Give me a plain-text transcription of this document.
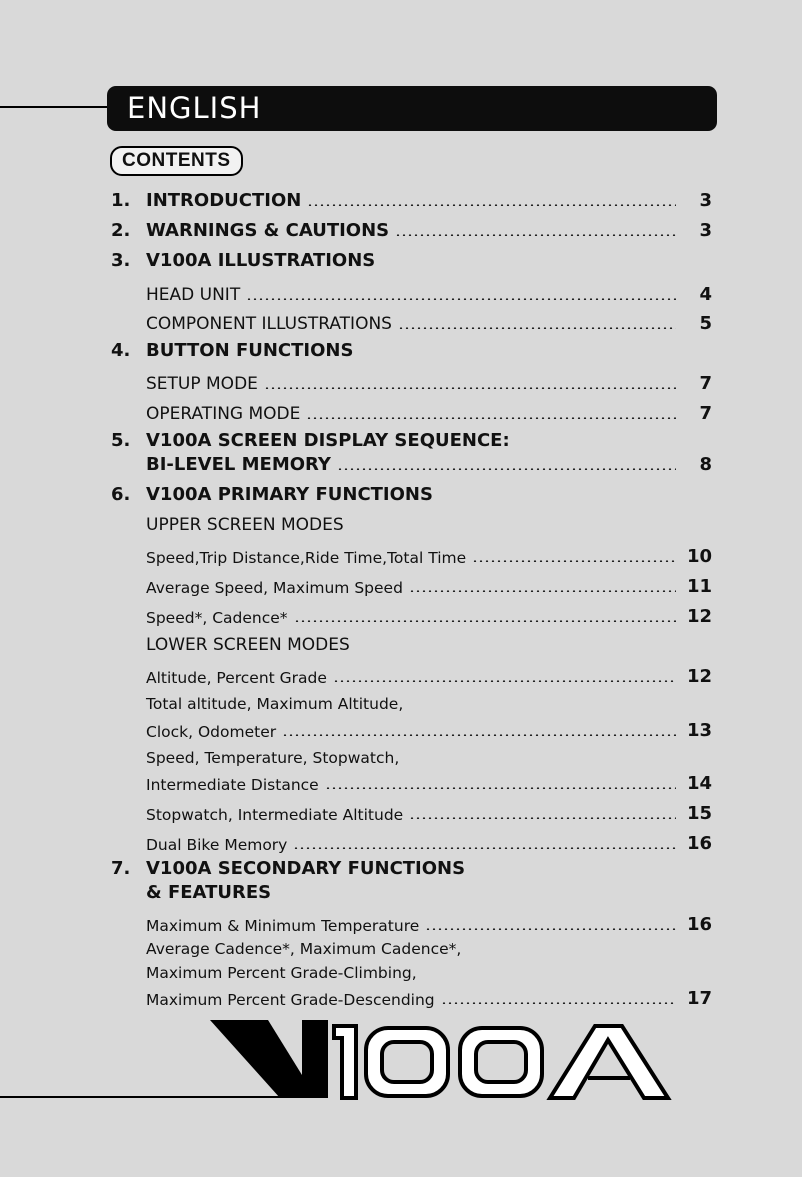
ENGLISH
CONTENTS
1. INTRODUCTION	3
2. WARNINGS & CAUTIONS	3
3. V100A ILLUSTRATIONS
HEAD UNIT	4
COMPONENT ILLUSTRATIONS	5
4. BUTTON FUNCTIONS
SETUP MODE	7
OPERATING MODE	7
5. V100A SCREEN DISPLAY SEQUENCE:
BI-LEVEL MEMORY	8
6. V100A PRIMARY FUNCTIONS
UPPER SCREEN MODES
Speed,Trip Distance,Ride Time,Total Time	10
Average Speed, Maximum Speed	11
Speed*, Cadence*	12
LOWER SCREEN MODES
Altitude, Percent Grade	12
Total altitude, Maximum Altitude,
Clock, Odometer	13
Speed, Temperature, Stopwatch,
Intermediate Distance	14
Stopwatch, Intermediate Altitude	15
Dual Bike Memory	16
7. V100A SECONDARY FUNCTIONS
& FEATURES
Maximum & Minimum Temperature	16
Average Cadence*, Maximum Cadence*,
Maximum Percent Grade-Climbing,
Maximum Percent Grade-Descending	17
